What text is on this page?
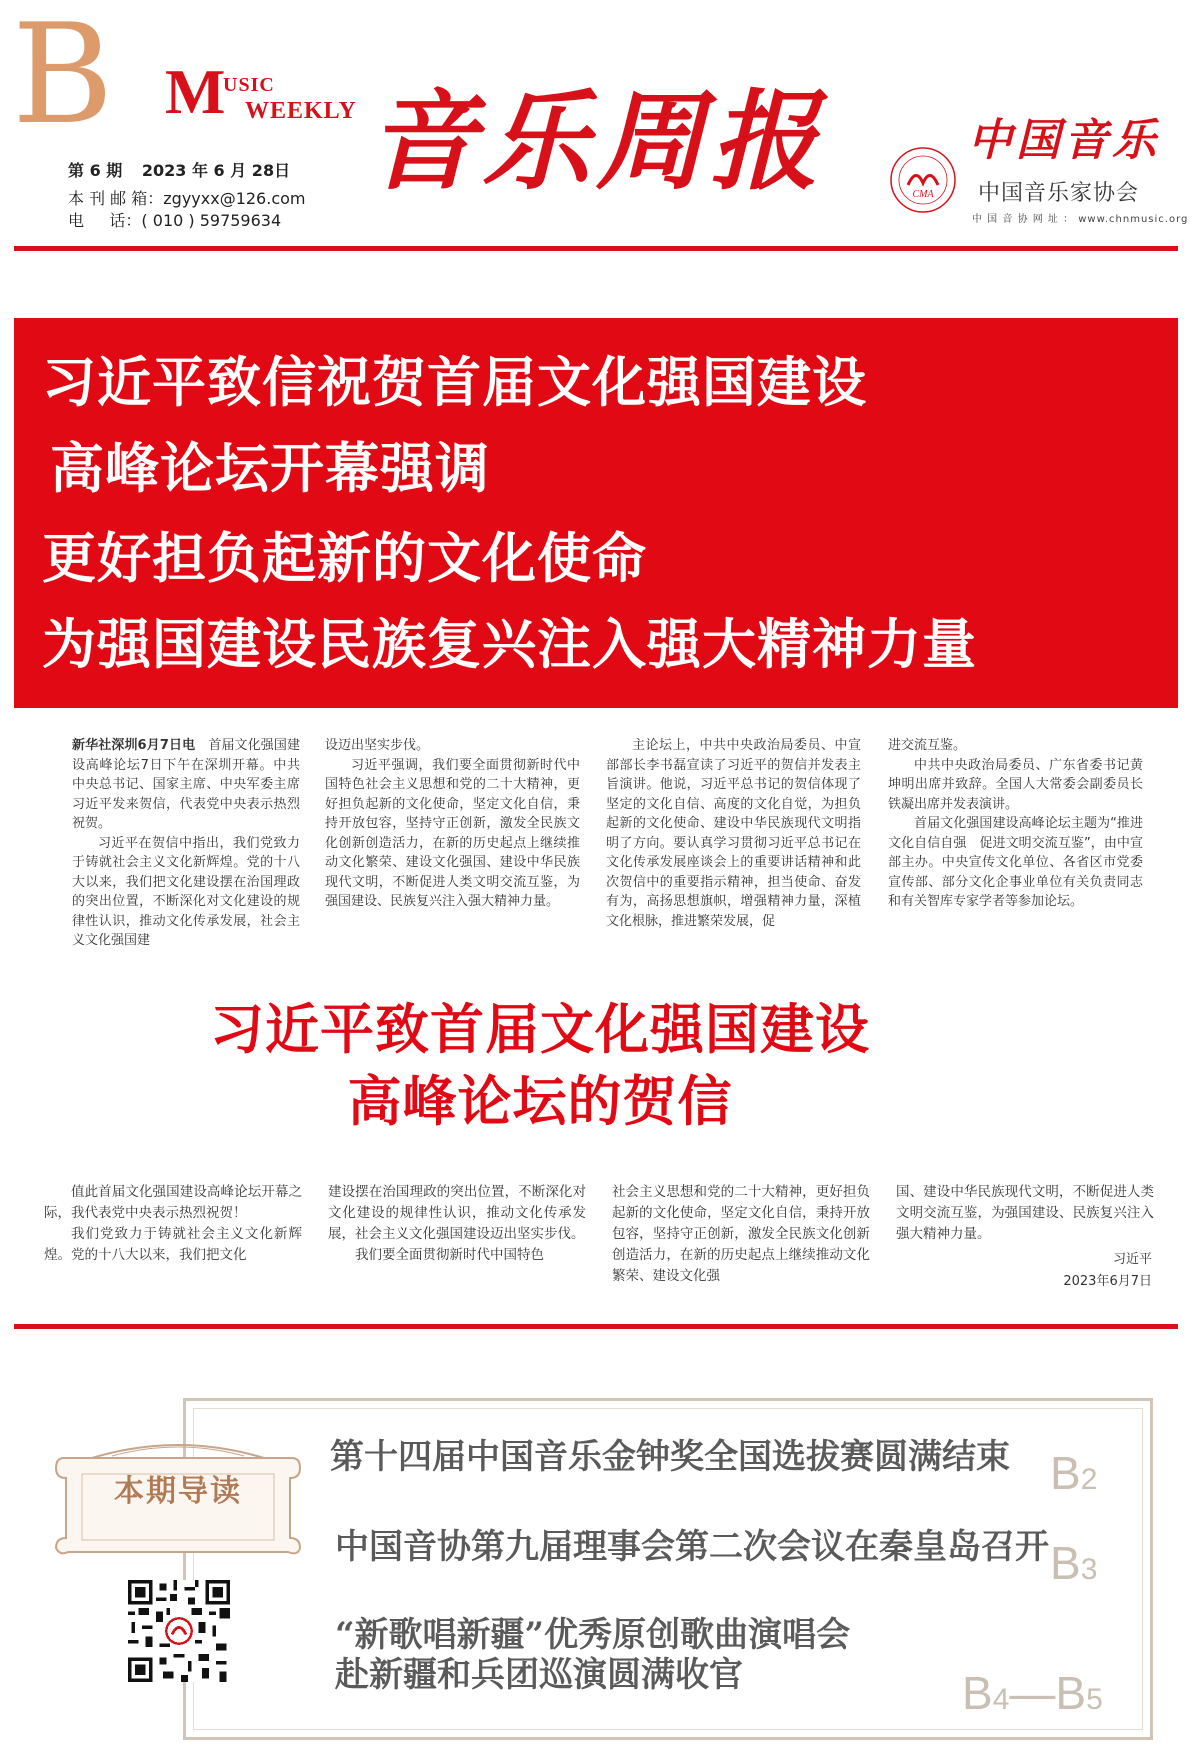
B M
USIC
WEEKLY
第 6 期 2023 年 6 月 28日
本 刊 邮 箱：zgyyxx@126.com
电     话：( 010 ) 59759634
音乐周报	CMA
中国音乐
中国音乐家协会
中 国 音 协 网 址 ： www.chnmusic.org
习近平致信祝贺首届文化强国建设
高峰论坛开幕强调
更好担负起新的文化使命
为强国建设民族复兴注入强大精神力量

新华社深圳6月7日电　 首届文化强国建设高峰论坛7日下午在深圳开幕。中共中央总书记、国家主席、中央军委主席习近平发来贺信，代表党中央表示热烈祝贺。

习近平在贺信中指出，我们党致力于铸就社会主义文化新辉煌。党的十八大以来，我们把文化建设摆在治国理政的突出位置，不断深化对文化建设的规律性认识，推动文化传承发展，社会主义文化强国建

设迈出坚实步伐。

习近平强调，我们要全面贯彻新时代中国特色社会主义思想和党的二十大精神，更好担负起新的文化使命，坚定文化自信，秉持开放包容，坚持守正创新，激发全民族文化创新创造活力，在新的历史起点上继续推动文化繁荣、建设文化强国、建设中华民族现代文明，不断促进人类文明交流互鉴，为强国建设、民族复兴注入强大精神力量。

主论坛上，中共中央政治局委员、中宣部部长李书磊宣读了习近平的贺信并发表主旨演讲。他说，习近平总书记的贺信体现了坚定的文化自信、高度的文化自觉，为担负起新的文化使命、建设中华民族现代文明指明了方向。要认真学习贯彻习近平总书记在文化传承发展座谈会上的重要讲话精神和此次贺信中的重要指示精神，担当使命、奋发有为，高扬思想旗帜，增强精神力量，深植文化根脉，推进繁荣发展，促

进交流互鉴。

中共中央政治局委员、广东省委书记黄坤明出席并致辞。全国人大常委会副委员长铁凝出席并发表演讲。

首届文化强国建设高峰论坛主题为“推进文化自信自强　促进文明交流互鉴”，由中宣部主办。中央宣传文化单位、各省区市党委宣传部、部分文化企事业单位有关负责同志和有关智库专家学者等参加论坛。

习近平致首届文化强国建设
高峰论坛的贺信

值此首届文化强国建设高峰论坛开幕之际，我代表党中央表示热烈祝贺！

我们党致力于铸就社会主义文化新辉煌。党的十八大以来，我们把文化

建设摆在治国理政的突出位置，不断深化对文化建设的规律性认识，推动文化传承发展，社会主义文化强国建设迈出坚实步伐。

我们要全面贯彻新时代中国特色

社会主义思想和党的二十大精神，更好担负起新的文化使命，坚定文化自信，秉持开放包容，坚持守正创新，激发全民族文化创新创造活力，在新的历史起点上继续推动文化繁荣、建设文化强

国、建设中华民族现代文明，不断促进人类文明交流互鉴，为强国建设、民族复兴注入强大精神力量。

习近平
2023年6月7日
本期导读
第十四届中国音乐金钟奖全国选拔赛圆满结束 B2
中国音协第九届理事会第二次会议在秦皇岛召开 B3
“新歌唱新疆”优秀原创歌曲演唱会
赴新疆和兵团巡演圆满收官	B4—B5
